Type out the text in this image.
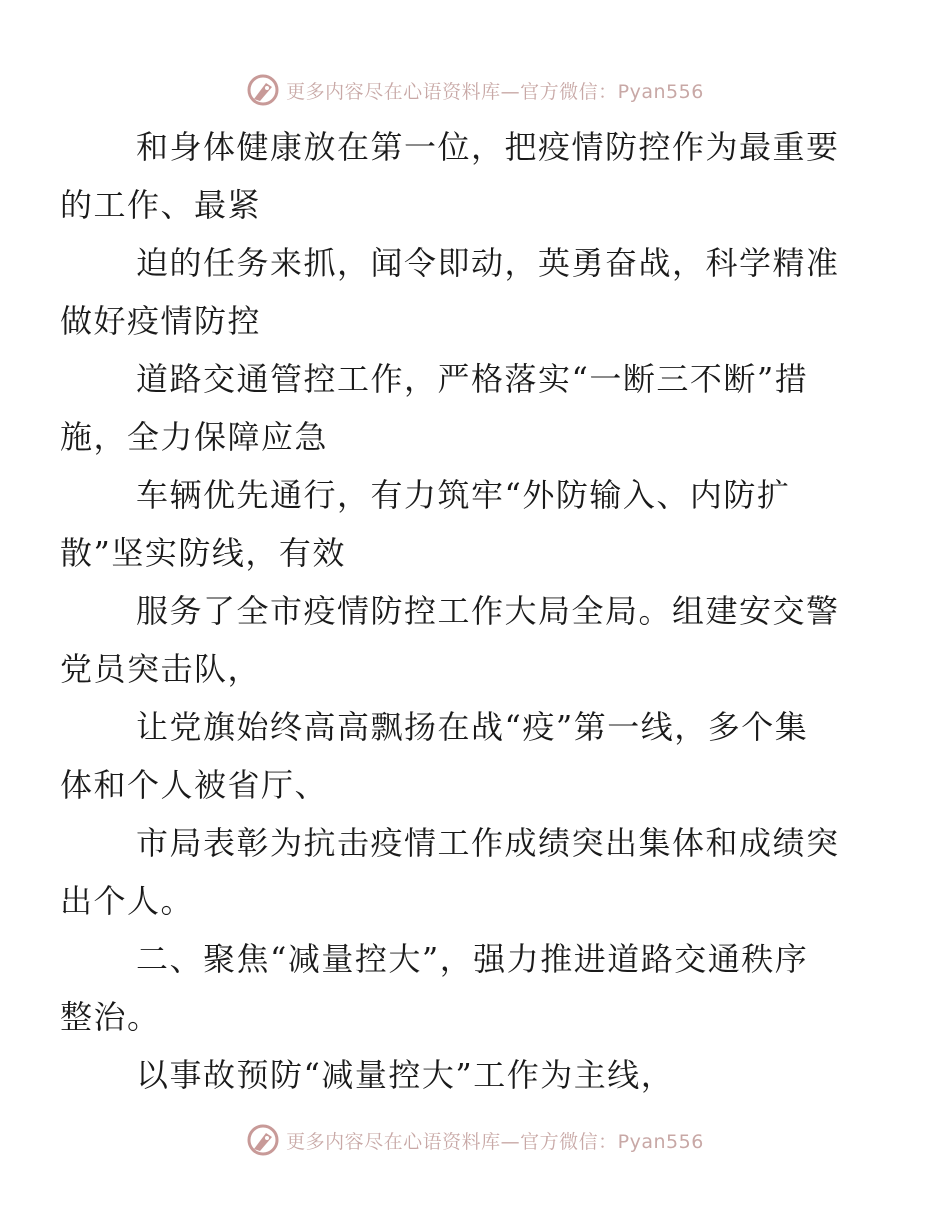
更多内容尽在心语资料库—官方微信：Pyan556

和身体健康放在第一位，把疫情防控作为最重要
的工作、最紧

迫的任务来抓，闻令即动，英勇奋战，科学精准
做好疫情防控

道路交通管控工作，严格落实“一断三不断”措
施，全力保障应急

车辆优先通行，有力筑牢“外防输入、内防扩
散”坚实防线，有效

服务了全市疫情防控工作大局全局。组建安交警
党员突击队，

让党旗始终高高飘扬在战“疫”第一线，多个集
体和个人被省厅、

市局表彰为抗击疫情工作成绩突出集体和成绩突
出个人。

二、聚焦“减量控大”，强力推进道路交通秩序
整治。

以事故预防“减量控大”工作为主线，

更多内容尽在心语资料库—官方微信：Pyan556
